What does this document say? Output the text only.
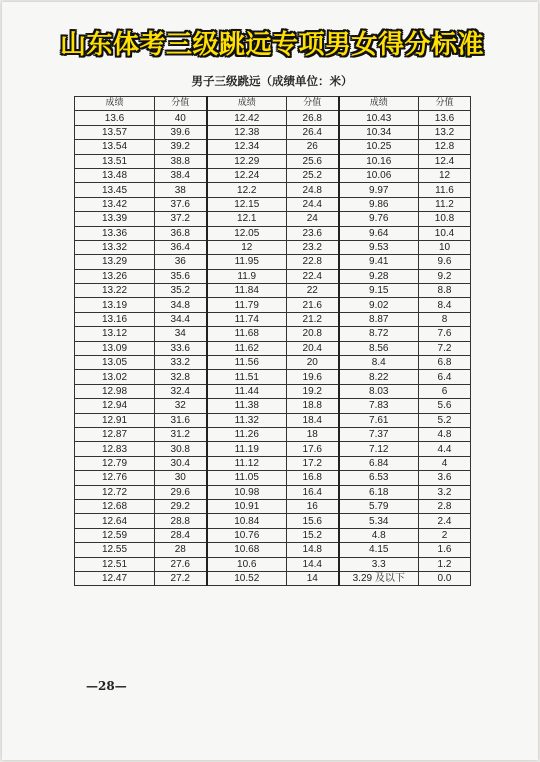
山东体考三级跳远专项男女得分标准
男子三级跳远（成绩单位：米）
成绩	分值	成绩	分值	成绩	分值
13.6	40	12.42	26.8	10.43	13.6
13.57	39.6	12.38	26.4	10.34	13.2
13.54	39.2	12.34	26	10.25	12.8
13.51	38.8	12.29	25.6	10.16	12.4
13.48	38.4	12.24	25.2	10.06	12
13.45	38	12.2	24.8	9.97	11.6
13.42	37.6	12.15	24.4	9.86	11.2
13.39	37.2	12.1	24	9.76	10.8
13.36	36.8	12.05	23.6	9.64	10.4
13.32	36.4	12	23.2	9.53	10
13.29	36	11.95	22.8	9.41	9.6
13.26	35.6	11.9	22.4	9.28	9.2
13.22	35.2	11.84	22	9.15	8.8
13.19	34.8	11.79	21.6	9.02	8.4
13.16	34.4	11.74	21.2	8.87	8
13.12	34	11.68	20.8	8.72	7.6
13.09	33.6	11.62	20.4	8.56	7.2
13.05	33.2	11.56	20	8.4	6.8
13.02	32.8	11.51	19.6	8.22	6.4
12.98	32.4	11.44	19.2	8.03	6
12.94	32	11.38	18.8	7.83	5.6
12.91	31.6	11.32	18.4	7.61	5.2
12.87	31.2	11.26	18	7.37	4.8
12.83	30.8	11.19	17.6	7.12	4.4
12.79	30.4	11.12	17.2	6.84	4
12.76	30	11.05	16.8	6.53	3.6
12.72	29.6	10.98	16.4	6.18	3.2
12.68	29.2	10.91	16	5.79	2.8
12.64	28.8	10.84	15.6	5.34	2.4
12.59	28.4	10.76	15.2	4.8	2
12.55	28	10.68	14.8	4.15	1.6
12.51	27.6	10.6	14.4	3.3	1.2
12.47	27.2	10.52	14	3.29 及以下	0.0
—28—
